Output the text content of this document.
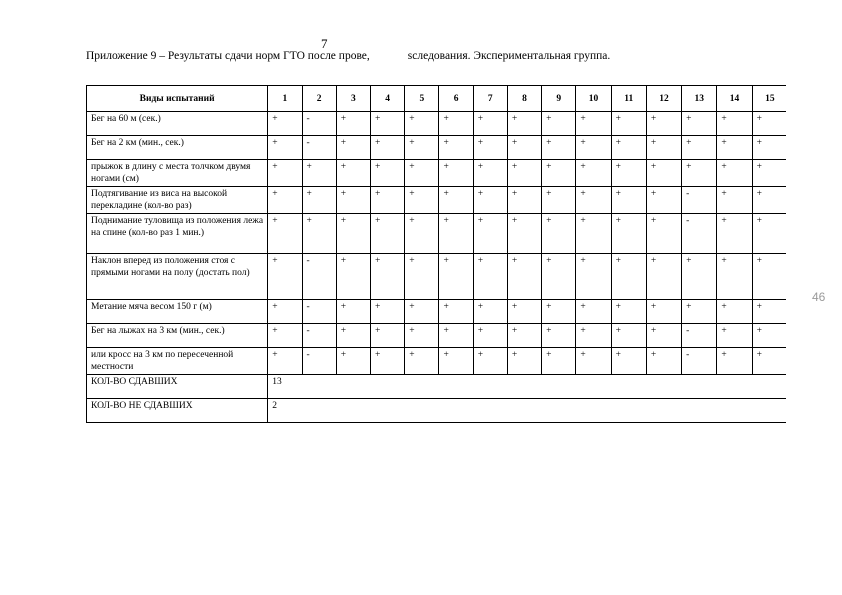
7
Приложение 9 – Результаты сдачи норм ГТО после прове,	ѕследования. Экспериментальная группа.
Виды испытаний	1	2	3	4	5	6	7	8	9	10	11	12	13	14	15
Бег на 60 м (сек.)	+	-	+	+	+	+	+	+	+	+	+	+	+	+	+
Бег на 2 км (мин., сек.)	+	-	+	+	+	+	+	+	+	+	+	+	+	+	+
прыжок в длину с места толчком двумя ногами (см)	+	+	+	+	+	+	+	+	+	+	+	+	+	+	+
Подтягивание из виса на высокой перекладине (кол-во раз)	+	+	+	+	+	+	+	+	+	+	+	+	-	+	+
Поднимание туловища из положения лежа на спине (кол-во раз 1 мин.)	+	+	+	+	+	+	+	+	+	+	+	+	-	+	+
Наклон вперед из положения стоя с прямыми ногами на полу (достать пол)	+	-	+	+	+	+	+	+	+	+	+	+	+	+	+
Метание мяча весом 150 г (м)	+	-	+	+	+	+	+	+	+	+	+	+	+	+	+
Бег на лыжах на 3 км (мин., сек.)	+	-	+	+	+	+	+	+	+	+	+	+	-	+	+
или кросс на 3 км по пересеченной местности	+	-	+	+	+	+	+	+	+	+	+	+	-	+	+
КОЛ-ВО СДАВШИХ	13														
КОЛ-ВО НЕ СДАВШИХ	2														
46
